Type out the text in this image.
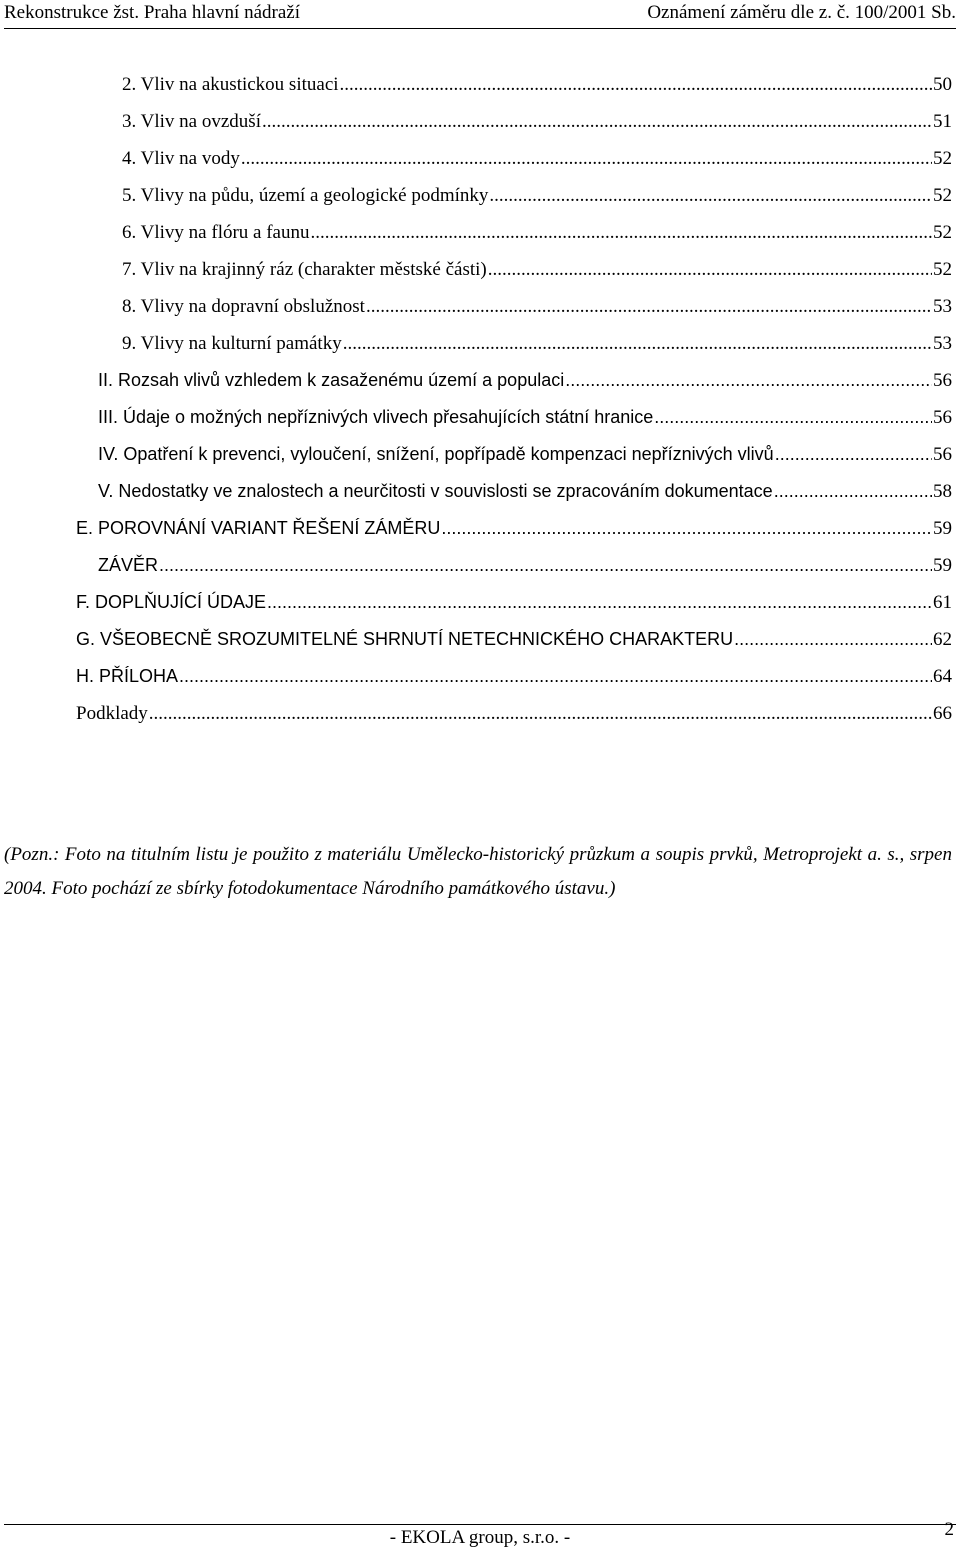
Rekonstrukce žst. Praha hlavní nádraží	Oznámení záměru dle z. č. 100/2001 Sb.
2. Vliv na akustickou situaci .....	50
3. Vliv na ovzduší .....	51
4. Vliv na vody .....	52
5. Vlivy na půdu, území a geologické podmínky .....	52
6. Vlivy na flóru a faunu .....	52
7. Vliv na krajinný ráz (charakter městské části) .....	52
8. Vlivy na dopravní obslužnost .....	53
9. Vlivy na kulturní památky .....	53
II. Rozsah vlivů vzhledem k zasaženému území a populaci .....	56
III. Údaje o možných nepříznivých vlivech přesahujících státní hranice .....	56
IV. Opatření k prevenci, vyloučení, snížení, popřípadě kompenzaci nepříznivých vlivů .....	56
V. Nedostatky ve znalostech a neurčitosti v souvislosti se zpracováním dokumentace .....	58
E. POROVNÁNÍ VARIANT ŘEŠENÍ ZÁMĚRU .....	59
ZÁVĚR .....	59
F. DOPLŇUJÍCÍ ÚDAJE .....	61
G. VŠEOBECNĚ SROZUMITELNÉ SHRNUTÍ NETECHNICKÉHO CHARAKTERU .....	62
H. PŘÍLOHA .....	64
Podklady .....	66
(Pozn.: Foto na titulním listu je použito z materiálu Umělecko-historický průzkum a soupis prvků, Metroprojekt a. s., srpen 2004. Foto pochází ze sbírky fotodokumentace Národního památkového ústavu.)
- EKOLA group, s.r.o. -	2
